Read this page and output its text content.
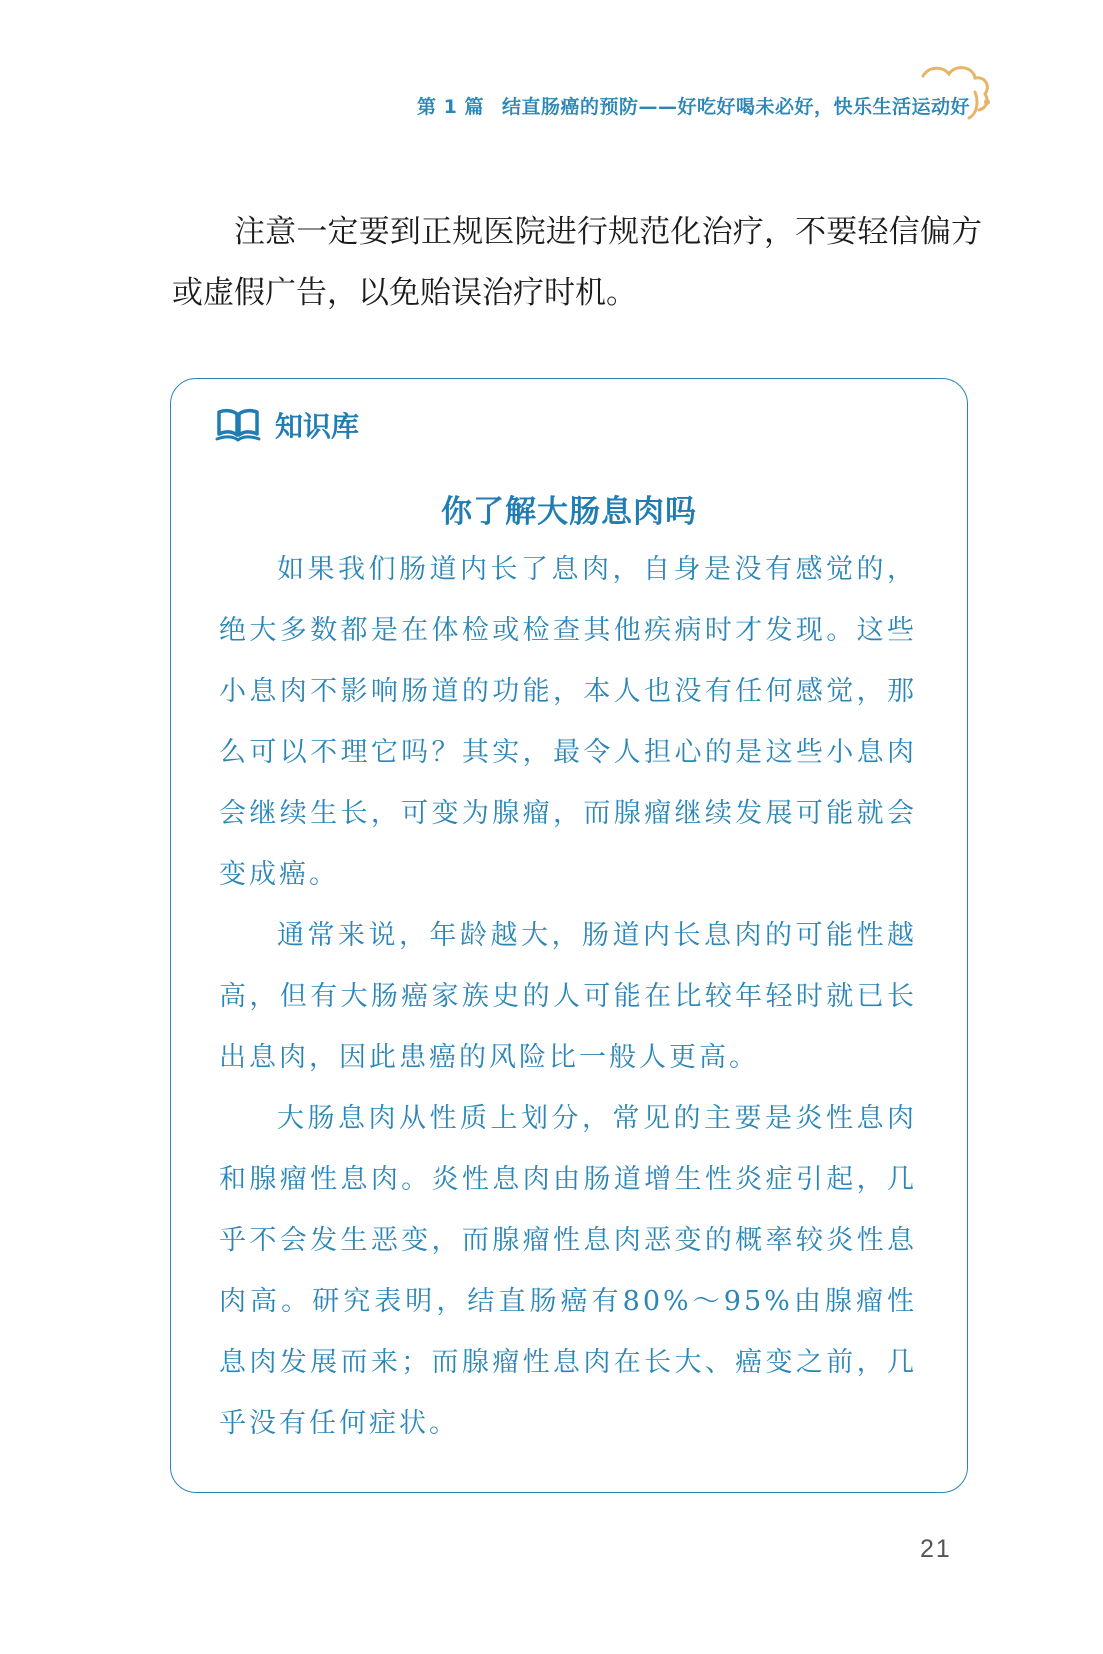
第 1 篇 结直肠癌的预防——好吃好喝未必好，快乐生活运动好

注意一定要到正规医院进行规范化治疗，不要轻信偏方或虚假广告，以免贻误治疗时机。

知识库
你了解大肠息肉吗

如果我们肠道内长了息肉，自身是没有感觉的，绝大多数都是在体检或检查其他疾病时才发现。这些小息肉不影响肠道的功能，本人也没有任何感觉，那么可以不理它吗？其实，最令人担心的是这些小息肉会继续生长，可变为腺瘤，而腺瘤继续发展可能就会变成癌。

通常来说，年龄越大，肠道内长息肉的可能性越高，但有大肠癌家族史的人可能在比较年轻时就已长出息肉，因此患癌的风险比一般人更高。

大肠息肉从性质上划分，常见的主要是炎性息肉和腺瘤性息肉。炎性息肉由肠道增生性炎症引起，几乎不会发生恶变，而腺瘤性息肉恶变的概率较炎性息肉高。研究表明，结直肠癌有80%～95%由腺瘤性息肉发展而来；而腺瘤性息肉在长大、癌变之前，几乎没有任何症状。

21
